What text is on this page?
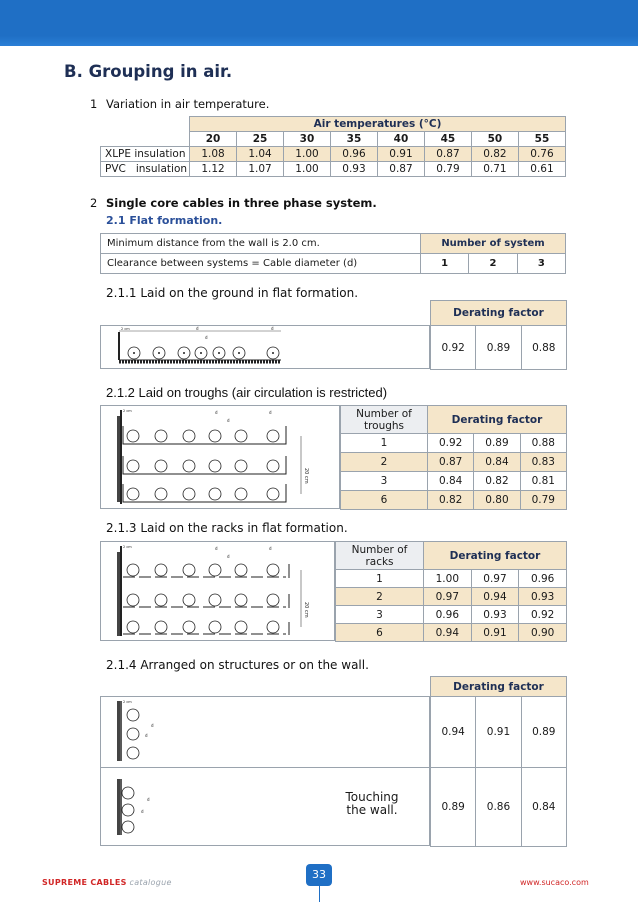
B. Grouping in air.
1 Variation in air temperature.
	Air temperatures (°C)							
	20	25	30	35	40	45	50	55
XLPE insulation	1.08	1.04	1.00	0.96	0.91	0.87	0.82	0.76
PVC   insulation	1.12	1.07	1.00	0.93	0.87	0.79	0.71	0.61
2 Single core cables in three phase system.
2.1 Flat formation.
Minimum distance from the wall is 2.0 cm.	Number of system		
Clearance between systems = Cable diameter (d)	1	2	3
2.1.1 Laid on the ground in flat formation.
2 cm	d
d
d
Derating factor
0.92	0.89	0.88
2.1.2 Laid on troughs (air circulation is restricted)
20 cm
2 cm	d
d
d	Number of troughs	Derating factor		
1	0.92	0.89	0.88
2	0.87	0.84	0.83
3	0.84	0.82	0.81
6	0.82	0.80	0.79
2.1.3 Laid on the racks in flat formation.
20 cm
2 cm	d
d
d	Number of racks	Derating factor		
1	1.00	0.97	0.96
2	0.97	0.94	0.93
3	0.96	0.93	0.92
6	0.94	0.91	0.90
2.1.4 Arranged on structures or on the wall.
2 cm
d
d
d
d
Touching the wall.
Derating factor		
0.94	0.91	0.89
0.89	0.86	0.84
SUPREME CABLES catalogue
33
www.sucaco.com
